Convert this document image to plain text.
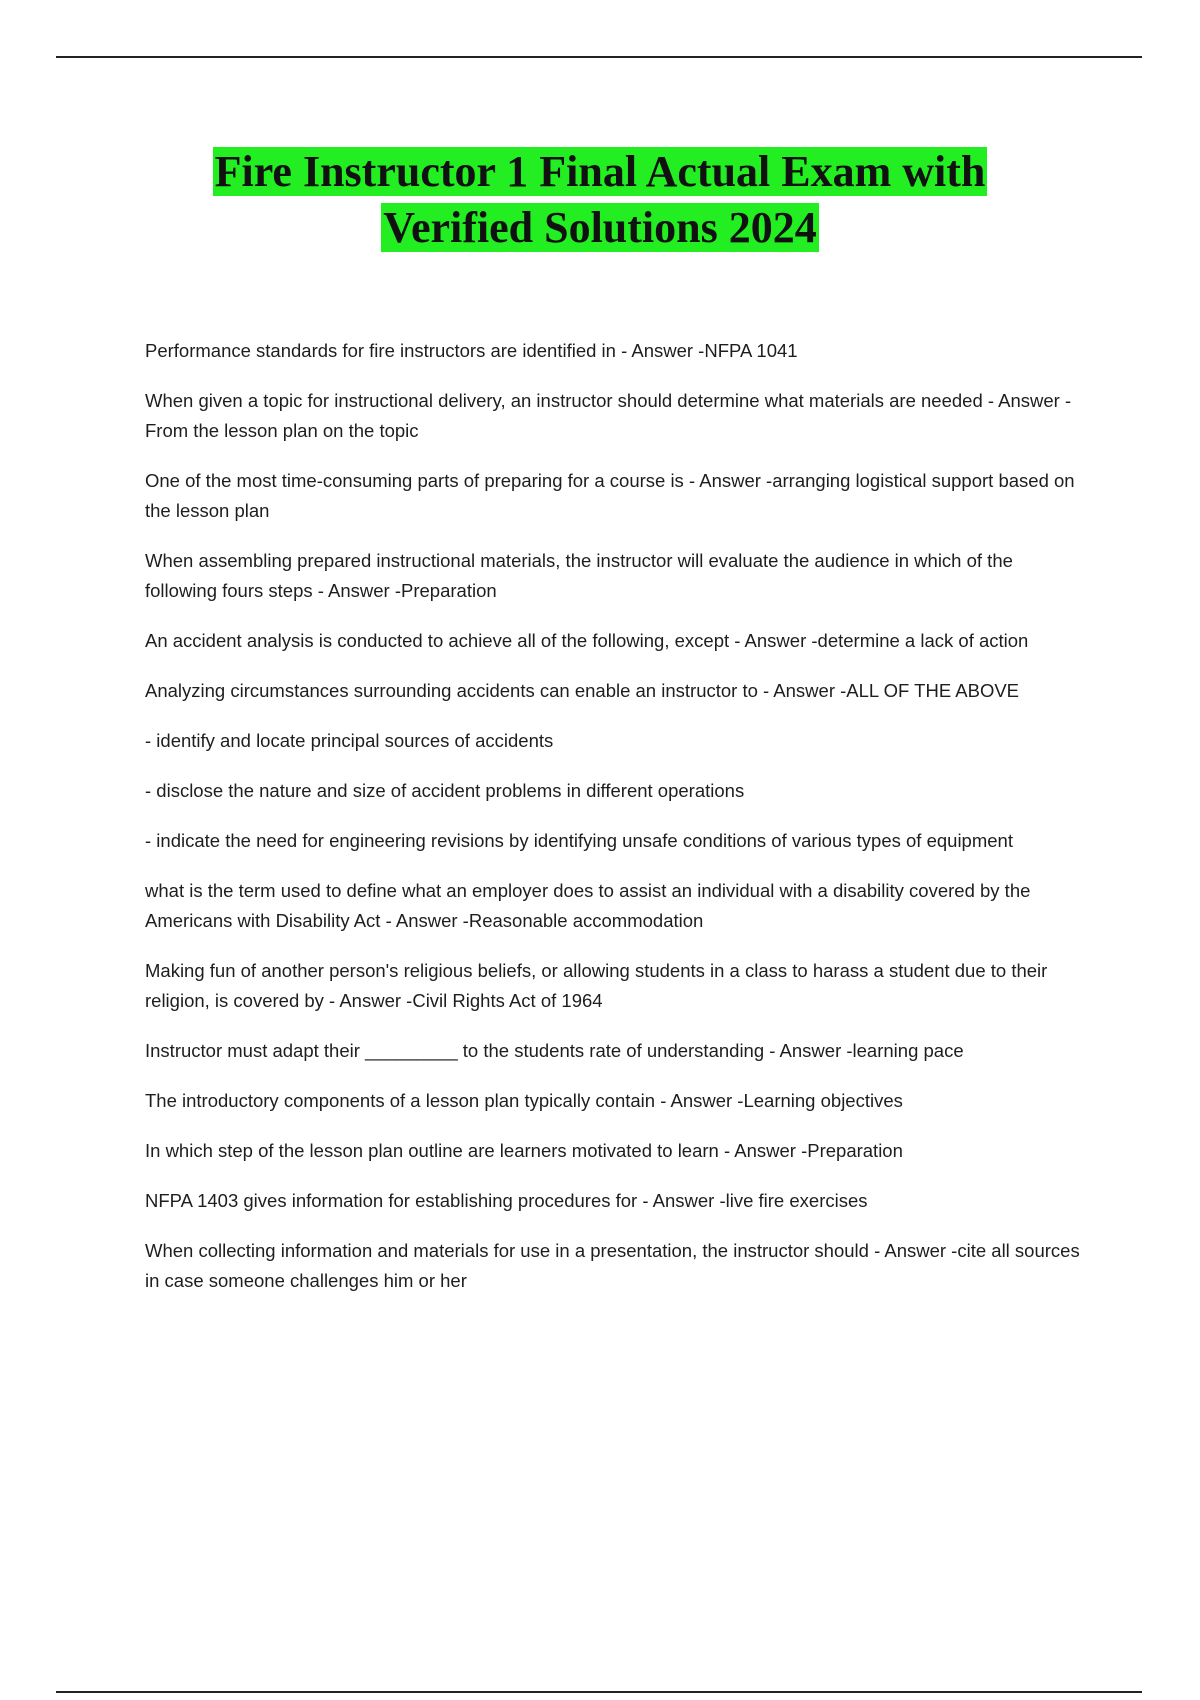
Fire Instructor 1 Final Actual Exam with
Verified Solutions 2024

Performance standards for fire instructors are identified in - Answer -NFPA 1041

When given a topic for instructional delivery, an instructor should determine what materials are needed - Answer -From the lesson plan on the topic

One of the most time-consuming parts of preparing for a course is - Answer -arranging logistical support based on the lesson plan

When assembling prepared instructional materials, the instructor will evaluate the audience in which of the following fours steps - Answer -Preparation

An accident analysis is conducted to achieve all of the following, except - Answer -determine a lack of action

Analyzing circumstances surrounding accidents can enable an instructor to - Answer -ALL OF THE ABOVE

- identify and locate principal sources of accidents

- disclose the nature and size of accident problems in different operations

- indicate the need for engineering revisions by identifying unsafe conditions of various types of equipment

what is the term used to define what an employer does to assist an individual with a disability covered by the Americans with Disability Act - Answer -Reasonable accommodation

Making fun of another person's religious beliefs, or allowing students in a class to harass a student due to their religion, is covered by - Answer -Civil Rights Act of 1964

Instructor must adapt their _________ to the students rate of understanding - Answer -learning pace

The introductory components of a lesson plan typically contain - Answer -Learning objectives

In which step of the lesson plan outline are learners motivated to learn - Answer -Preparation

NFPA 1403 gives information for establishing procedures for - Answer -live fire exercises

When collecting information and materials for use in a presentation, the instructor should - Answer -cite all sources in case someone challenges him or her
